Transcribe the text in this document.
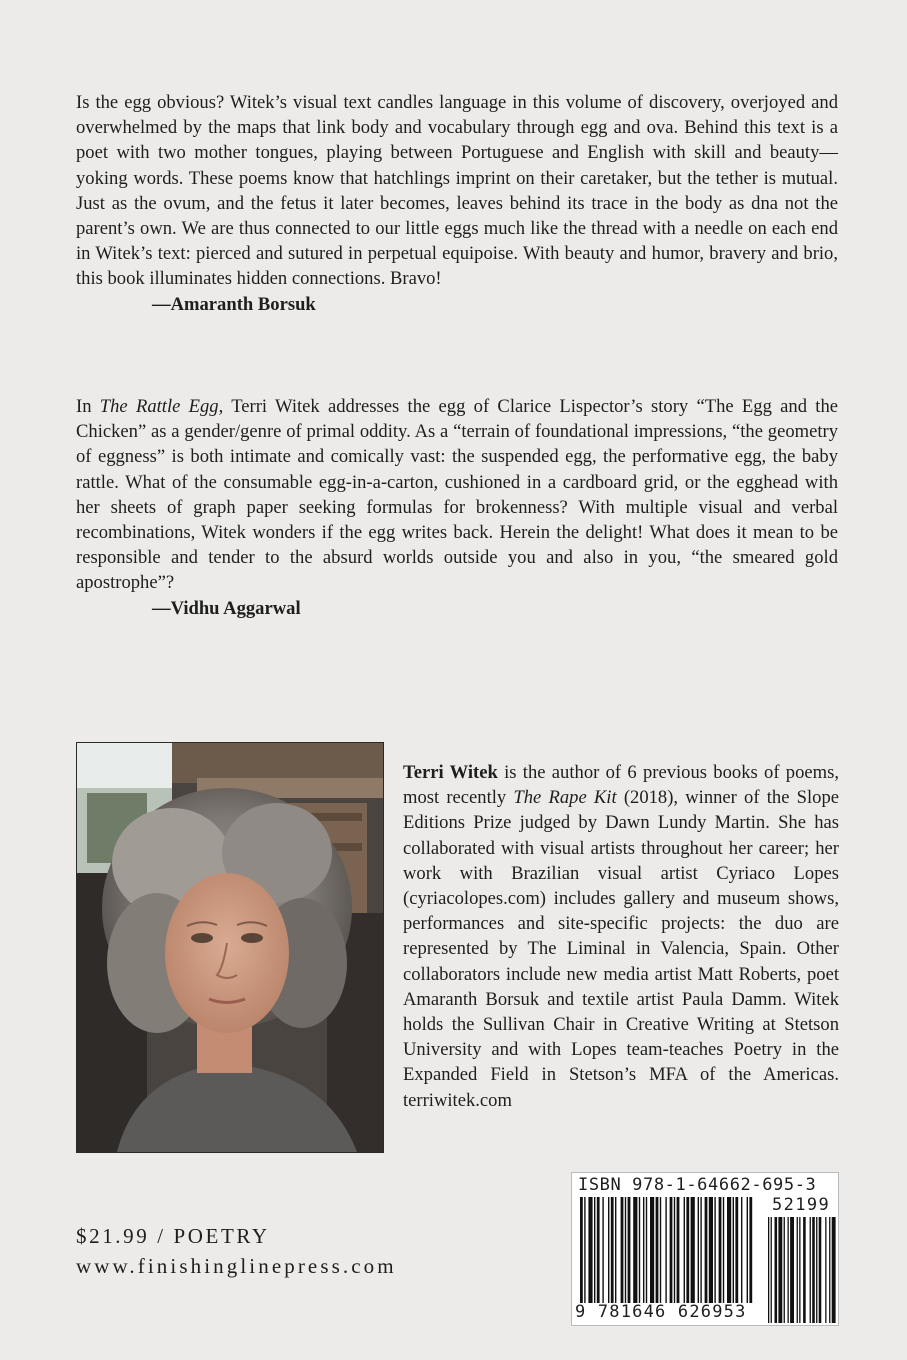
Is the egg obvious? Witek’s visual text candles language in this volume of discovery, overjoyed and overwhelmed by the maps that link body and vocabulary through egg and ova. Behind this text is a poet with two mother tongues, playing between Portuguese and English with skill and beauty—yoking words. These poems know that hatchlings imprint on their caretaker, but the tether is mutual. Just as the ovum, and the fetus it later becomes, leaves behind its trace in the body as dna not the parent’s own. We are thus connected to our little eggs much like the thread with a needle on each end in Witek’s text: pierced and sutured in perpetual equipoise. With beauty and humor, bravery and brio, this book illuminates hidden connections. Bravo!

—Amaranth Borsuk

In The Rattle Egg, Terri Witek addresses the egg of Clarice Lispector’s story “The Egg and the Chicken” as a gender/genre of primal oddity. As a “terrain of foundational impressions, “the geometry of eggness” is both intimate and comically vast: the suspended egg, the performative egg, the baby rattle. What of the consumable egg-in-a-carton, cushioned in a cardboard grid, or the egghead with her sheets of graph paper seeking formulas for brokenness? With multiple visual and verbal recombinations, Witek wonders if the egg writes back. Herein the delight! What does it mean to be responsible and tender to the absurd worlds outside you and also in you, “the smeared gold apostrophe”?

—Vidhu Aggarwal

Terri Witek is the author of 6 previous books of poems, most recently The Rape Kit (2018), winner of the Slope Editions Prize judged by Dawn Lundy Martin. She has collaborated with visual artists throughout her career; her work with Brazilian visual artist Cyriaco Lopes (cyriacolopes.com) includes gallery and museum shows, performances and site-specific projects: the duo are represented by The Liminal in Valencia, Spain. Other collaborators include new media artist Matt Roberts, poet Amaranth Borsuk and textile artist Paula Damm. Witek holds the Sullivan Chair in Creative Writing at Stetson University and with Lopes team-teaches Poetry in the Expanded Field in Stetson’s MFA of the Americas. terriwitek.com

$21.99 / POETRY
www.finishinglinepress.com
ISBN 978-1-64662-695-3
52199
9 781646 626953
